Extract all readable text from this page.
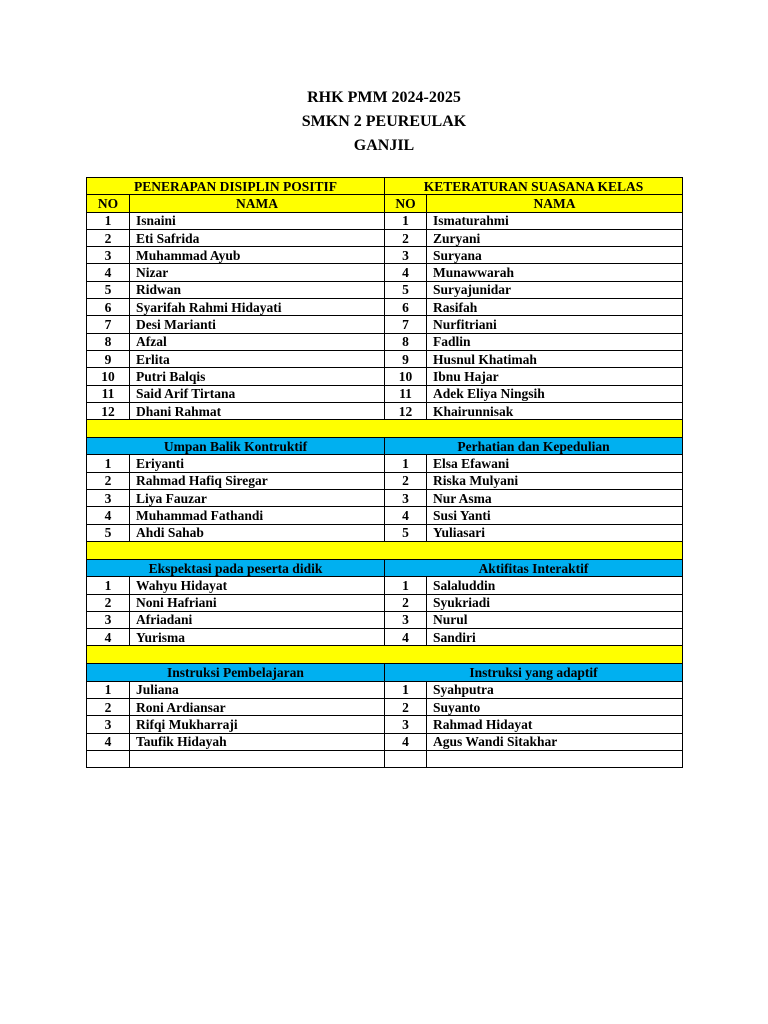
RHK PMM 2024-2025
SMKN 2 PEUREULAK
GANJIL
PENERAPAN DISIPLIN POSITIF		KETERATURAN SUASANA KELAS	
NO	NAMA	NO	NAMA
1	Isnaini	1	Ismaturahmi
2	Eti Safrida	2	Zuryani
3	Muhammad Ayub	3	Suryana
4	Nizar	4	Munawwarah
5	Ridwan	5	Suryajunidar
6	Syarifah Rahmi Hidayati	6	Rasifah
7	Desi Marianti	7	Nurfitriani
8	Afzal	8	Fadlin
9	Erlita	9	Husnul Khatimah
10	Putri Balqis	10	Ibnu Hajar
11	Said Arif Tirtana	11	Adek Eliya Ningsih
12	Dhani Rahmat	12	Khairunnisak

Umpan Balik Kontruktif		Perhatian dan Kepedulian	
1	Eriyanti	1	Elsa Efawani
2	Rahmad Hafiq Siregar	2	Riska Mulyani
3	Liya Fauzar	3	Nur Asma
4	Muhammad Fathandi	4	Susi Yanti
5	Ahdi Sahab	5	Yuliasari

Ekspektasi pada peserta didik		Aktifitas Interaktif	
1	Wahyu Hidayat	1	Salaluddin
2	Noni Hafriani	2	Syukriadi
3	Afriadani	3	Nurul
4	Yurisma	4	Sandiri

Instruksi Pembelajaran		Instruksi yang adaptif	
1	Juliana	1	Syahputra
2	Roni Ardiansar	2	Suyanto
3	Rifqi Mukharraji	3	Rahmad Hidayat
4	Taufik Hidayah	4	Agus Wandi Sitakhar
